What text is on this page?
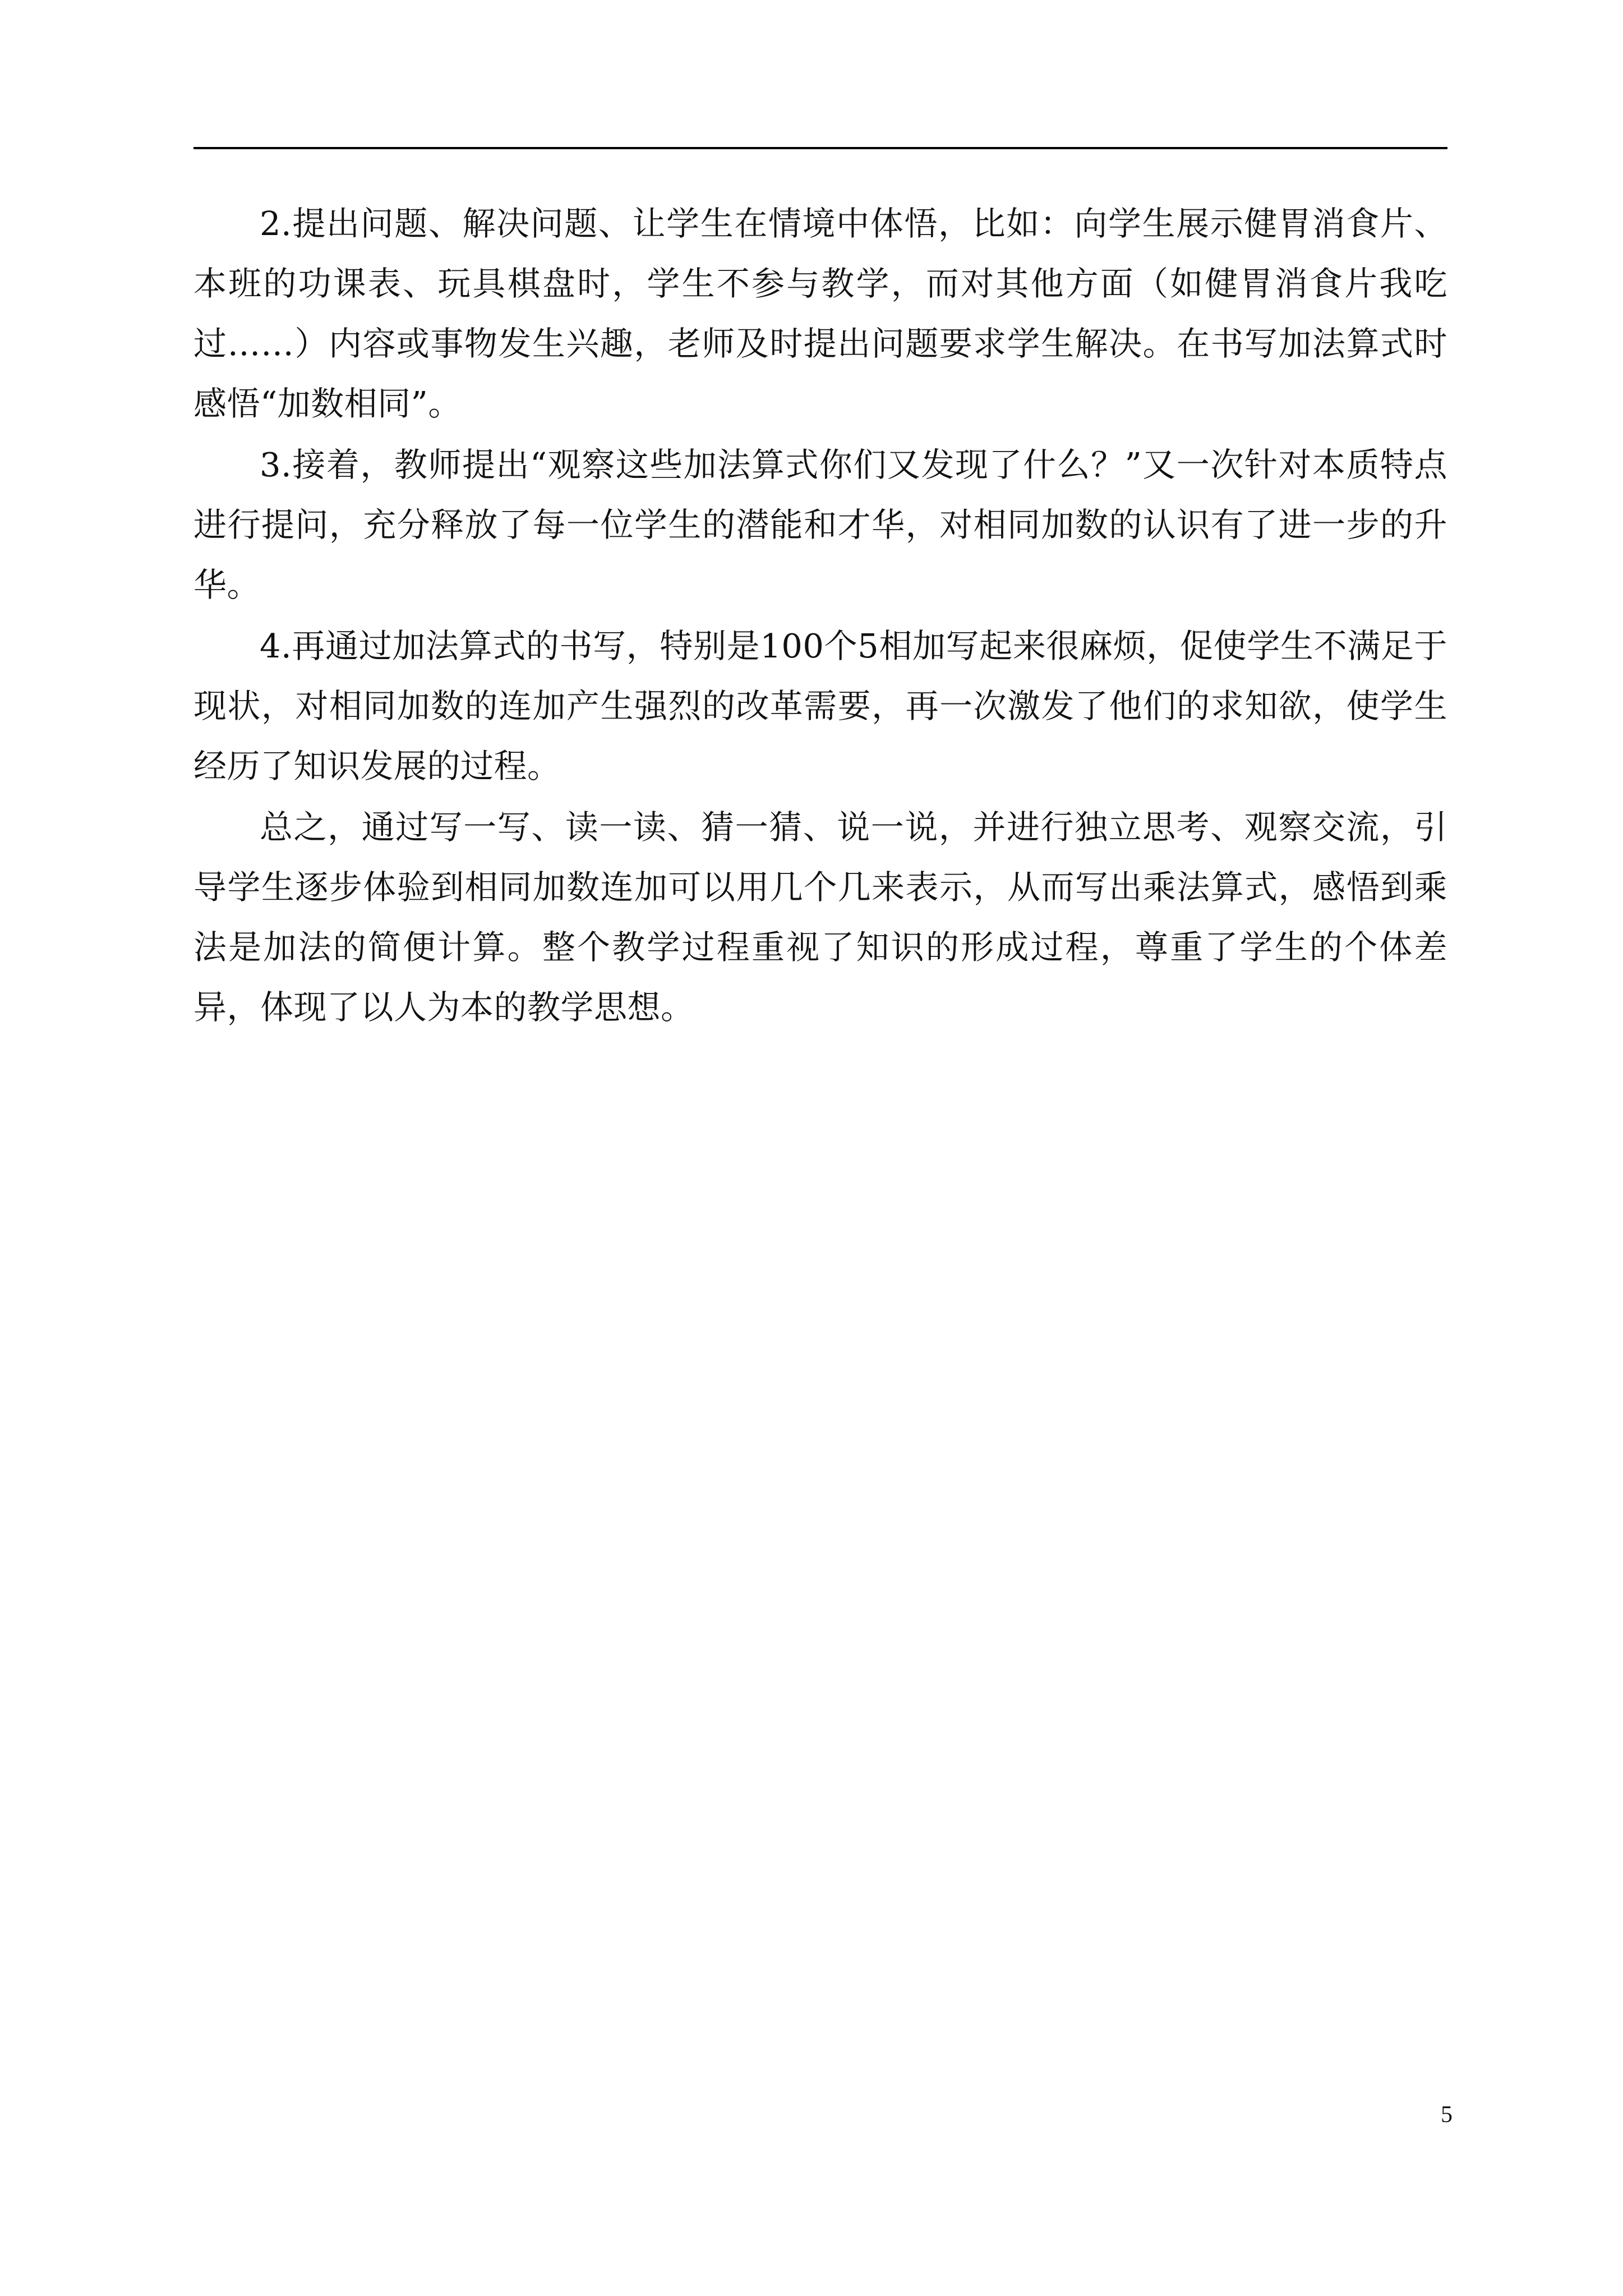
2.提出问题、解决问题、让学生在情境中体悟，比如：向学生展示健胃消食片、本班的功课表、玩具棋盘时，学生不参与教学，而对其他方面（如健胃消食片我吃过……）内容或事物发生兴趣，老师及时提出问题要求学生解决。在书写加法算式时感悟“加数相同”。

3.接着，教师提出“观察这些加法算式你们又发现了什么？”又一次针对本质特点进行提问，充分释放了每一位学生的潜能和才华，对相同加数的认识有了进一步的升华。

4.再通过加法算式的书写，特别是100个5相加写起来很麻烦，促使学生不满足于现状，对相同加数的连加产生强烈的改革需要，再一次激发了他们的求知欲，使学生经历了知识发展的过程。

总之，通过写一写、读一读、猜一猜、说一说，并进行独立思考、观察交流，引导学生逐步体验到相同加数连加可以用几个几来表示，从而写出乘法算式，感悟到乘法是加法的简便计算。整个教学过程重视了知识的形成过程，尊重了学生的个体差异，体现了以人为本的教学思想。

5
